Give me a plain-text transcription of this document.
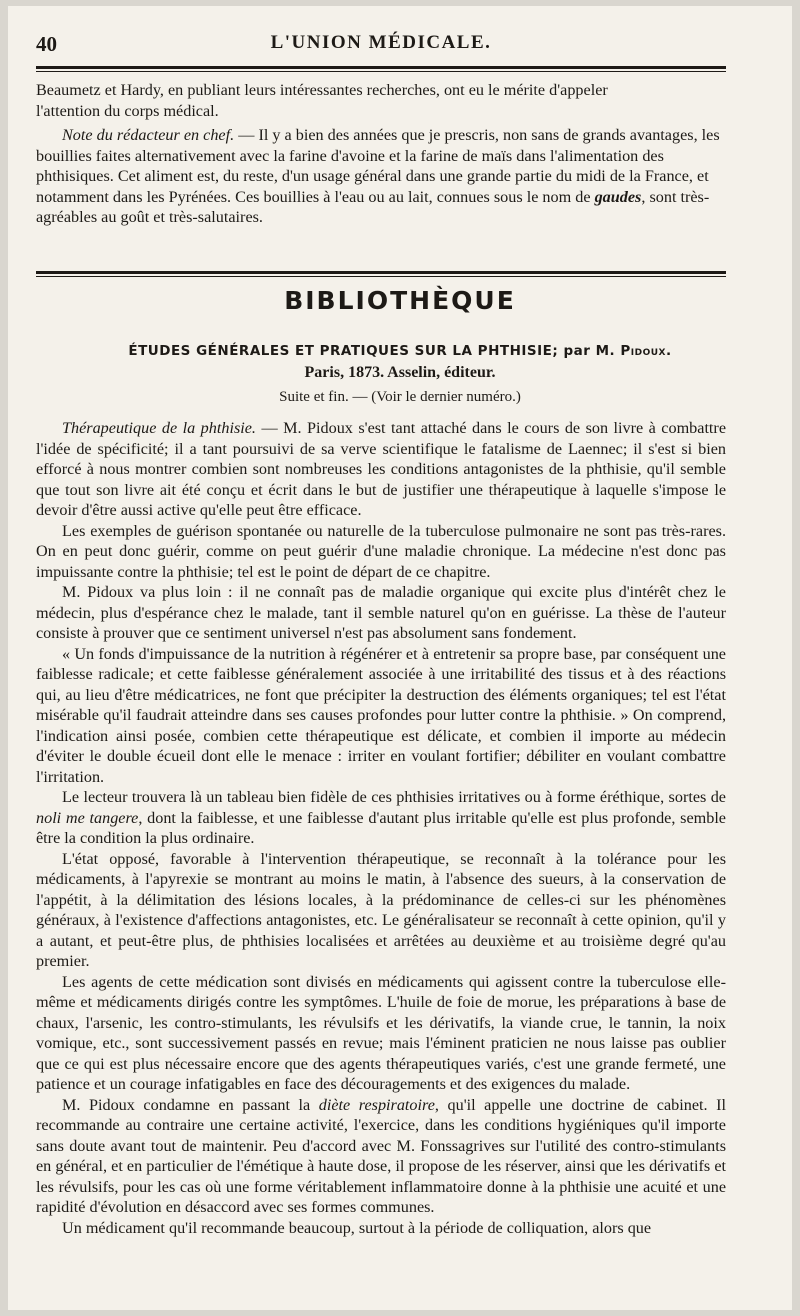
40	L'UNION MÉDICALE.

Beaumetz et Hardy, en publiant leurs intéressantes recherches, ont eu le mérite d'appeler
l'attention du corps médical.

Note du rédacteur en chef. — Il y a bien des années que je prescris, non sans de grands avantages, les bouillies faites alternativement avec la farine d'avoine et la farine de maïs dans l'alimentation des phthisiques. Cet aliment est, du reste, d'un usage général dans une grande partie du midi de la France, et notamment dans les Pyrénées. Ces bouillies à l'eau ou au lait, connues sous le nom de gaudes, sont très-agréables au goût et très-salutaires.

BIBLIOTHÈQUE
ÉTUDES GÉNÉRALES ET PRATIQUES SUR LA PHTHISIE; par M. Pidoux.
Paris, 1873. Asselin, éditeur.
Suite et fin. — (Voir le dernier numéro.)

Thérapeutique de la phthisie. — M. Pidoux s'est tant attaché dans le cours de son livre à combattre l'idée de spécificité; il a tant poursuivi de sa verve scientifique le fatalisme de Laennec; il s'est si bien efforcé à nous montrer combien sont nombreuses les conditions antagonistes de la phthisie, qu'il semble que tout son livre ait été conçu et écrit dans le but de justifier une thérapeutique à laquelle s'impose le devoir d'être aussi active qu'elle peut être efficace.

Les exemples de guérison spontanée ou naturelle de la tuberculose pulmonaire ne sont pas très-rares. On en peut donc guérir, comme on peut guérir d'une maladie chronique. La médecine n'est donc pas impuissante contre la phthisie; tel est le point de départ de ce chapitre.

M. Pidoux va plus loin : il ne connaît pas de maladie organique qui excite plus d'intérêt chez le médecin, plus d'espérance chez le malade, tant il semble naturel qu'on en guérisse. La thèse de l'auteur consiste à prouver que ce sentiment universel n'est pas absolument sans fondement.

« Un fonds d'impuissance de la nutrition à régénérer et à entretenir sa propre base, par conséquent une faiblesse radicale; et cette faiblesse généralement associée à une irritabilité des tissus et à des réactions qui, au lieu d'être médicatrices, ne font que précipiter la destruction des éléments organiques; tel est l'état misérable qu'il faudrait atteindre dans ses causes profondes pour lutter contre la phthisie. » On comprend, l'indication ainsi posée, combien cette thérapeutique est délicate, et combien il importe au médecin d'éviter le double écueil dont elle le menace : irriter en voulant fortifier; débiliter en voulant combattre l'irritation.

Le lecteur trouvera là un tableau bien fidèle de ces phthisies irritatives ou à forme éréthique, sortes de noli me tangere, dont la faiblesse, et une faiblesse d'autant plus irritable qu'elle est plus profonde, semble être la condition la plus ordinaire.

L'état opposé, favorable à l'intervention thérapeutique, se reconnaît à la tolérance pour les médicaments, à l'apyrexie se montrant au moins le matin, à l'absence des sueurs, à la conservation de l'appétit, à la délimitation des lésions locales, à la prédominance de celles-ci sur les phénomènes généraux, à l'existence d'affections antagonistes, etc. Le généralisateur se reconnaît à cette opinion, qu'il y a autant, et peut-être plus, de phthisies localisées et arrêtées au deuxième et au troisième degré qu'au premier.

Les agents de cette médication sont divisés en médicaments qui agissent contre la tuberculose elle-même et médicaments dirigés contre les symptômes. L'huile de foie de morue, les préparations à base de chaux, l'arsenic, les contro-stimulants, les révulsifs et les dérivatifs, la viande crue, le tannin, la noix vomique, etc., sont successivement passés en revue; mais l'éminent praticien ne nous laisse pas oublier que ce qui est plus nécessaire encore que des agents thérapeutiques variés, c'est une grande fermeté, une patience et un courage infatigables en face des découragements et des exigences du malade.

M. Pidoux condamne en passant la diète respiratoire, qu'il appelle une doctrine de cabinet. Il recommande au contraire une certaine activité, l'exercice, dans les conditions hygiéniques qu'il importe sans doute avant tout de maintenir. Peu d'accord avec M. Fonssagrives sur l'utilité des contro-stimulants en général, et en particulier de l'émétique à haute dose, il propose de les réserver, ainsi que les dérivatifs et les révulsifs, pour les cas où une forme véritablement inflammatoire donne à la phthisie une acuité et une rapidité d'évolution en désaccord avec ses formes communes.

Un médicament qu'il recommande beaucoup, surtout à la période de colliquation, alors que
